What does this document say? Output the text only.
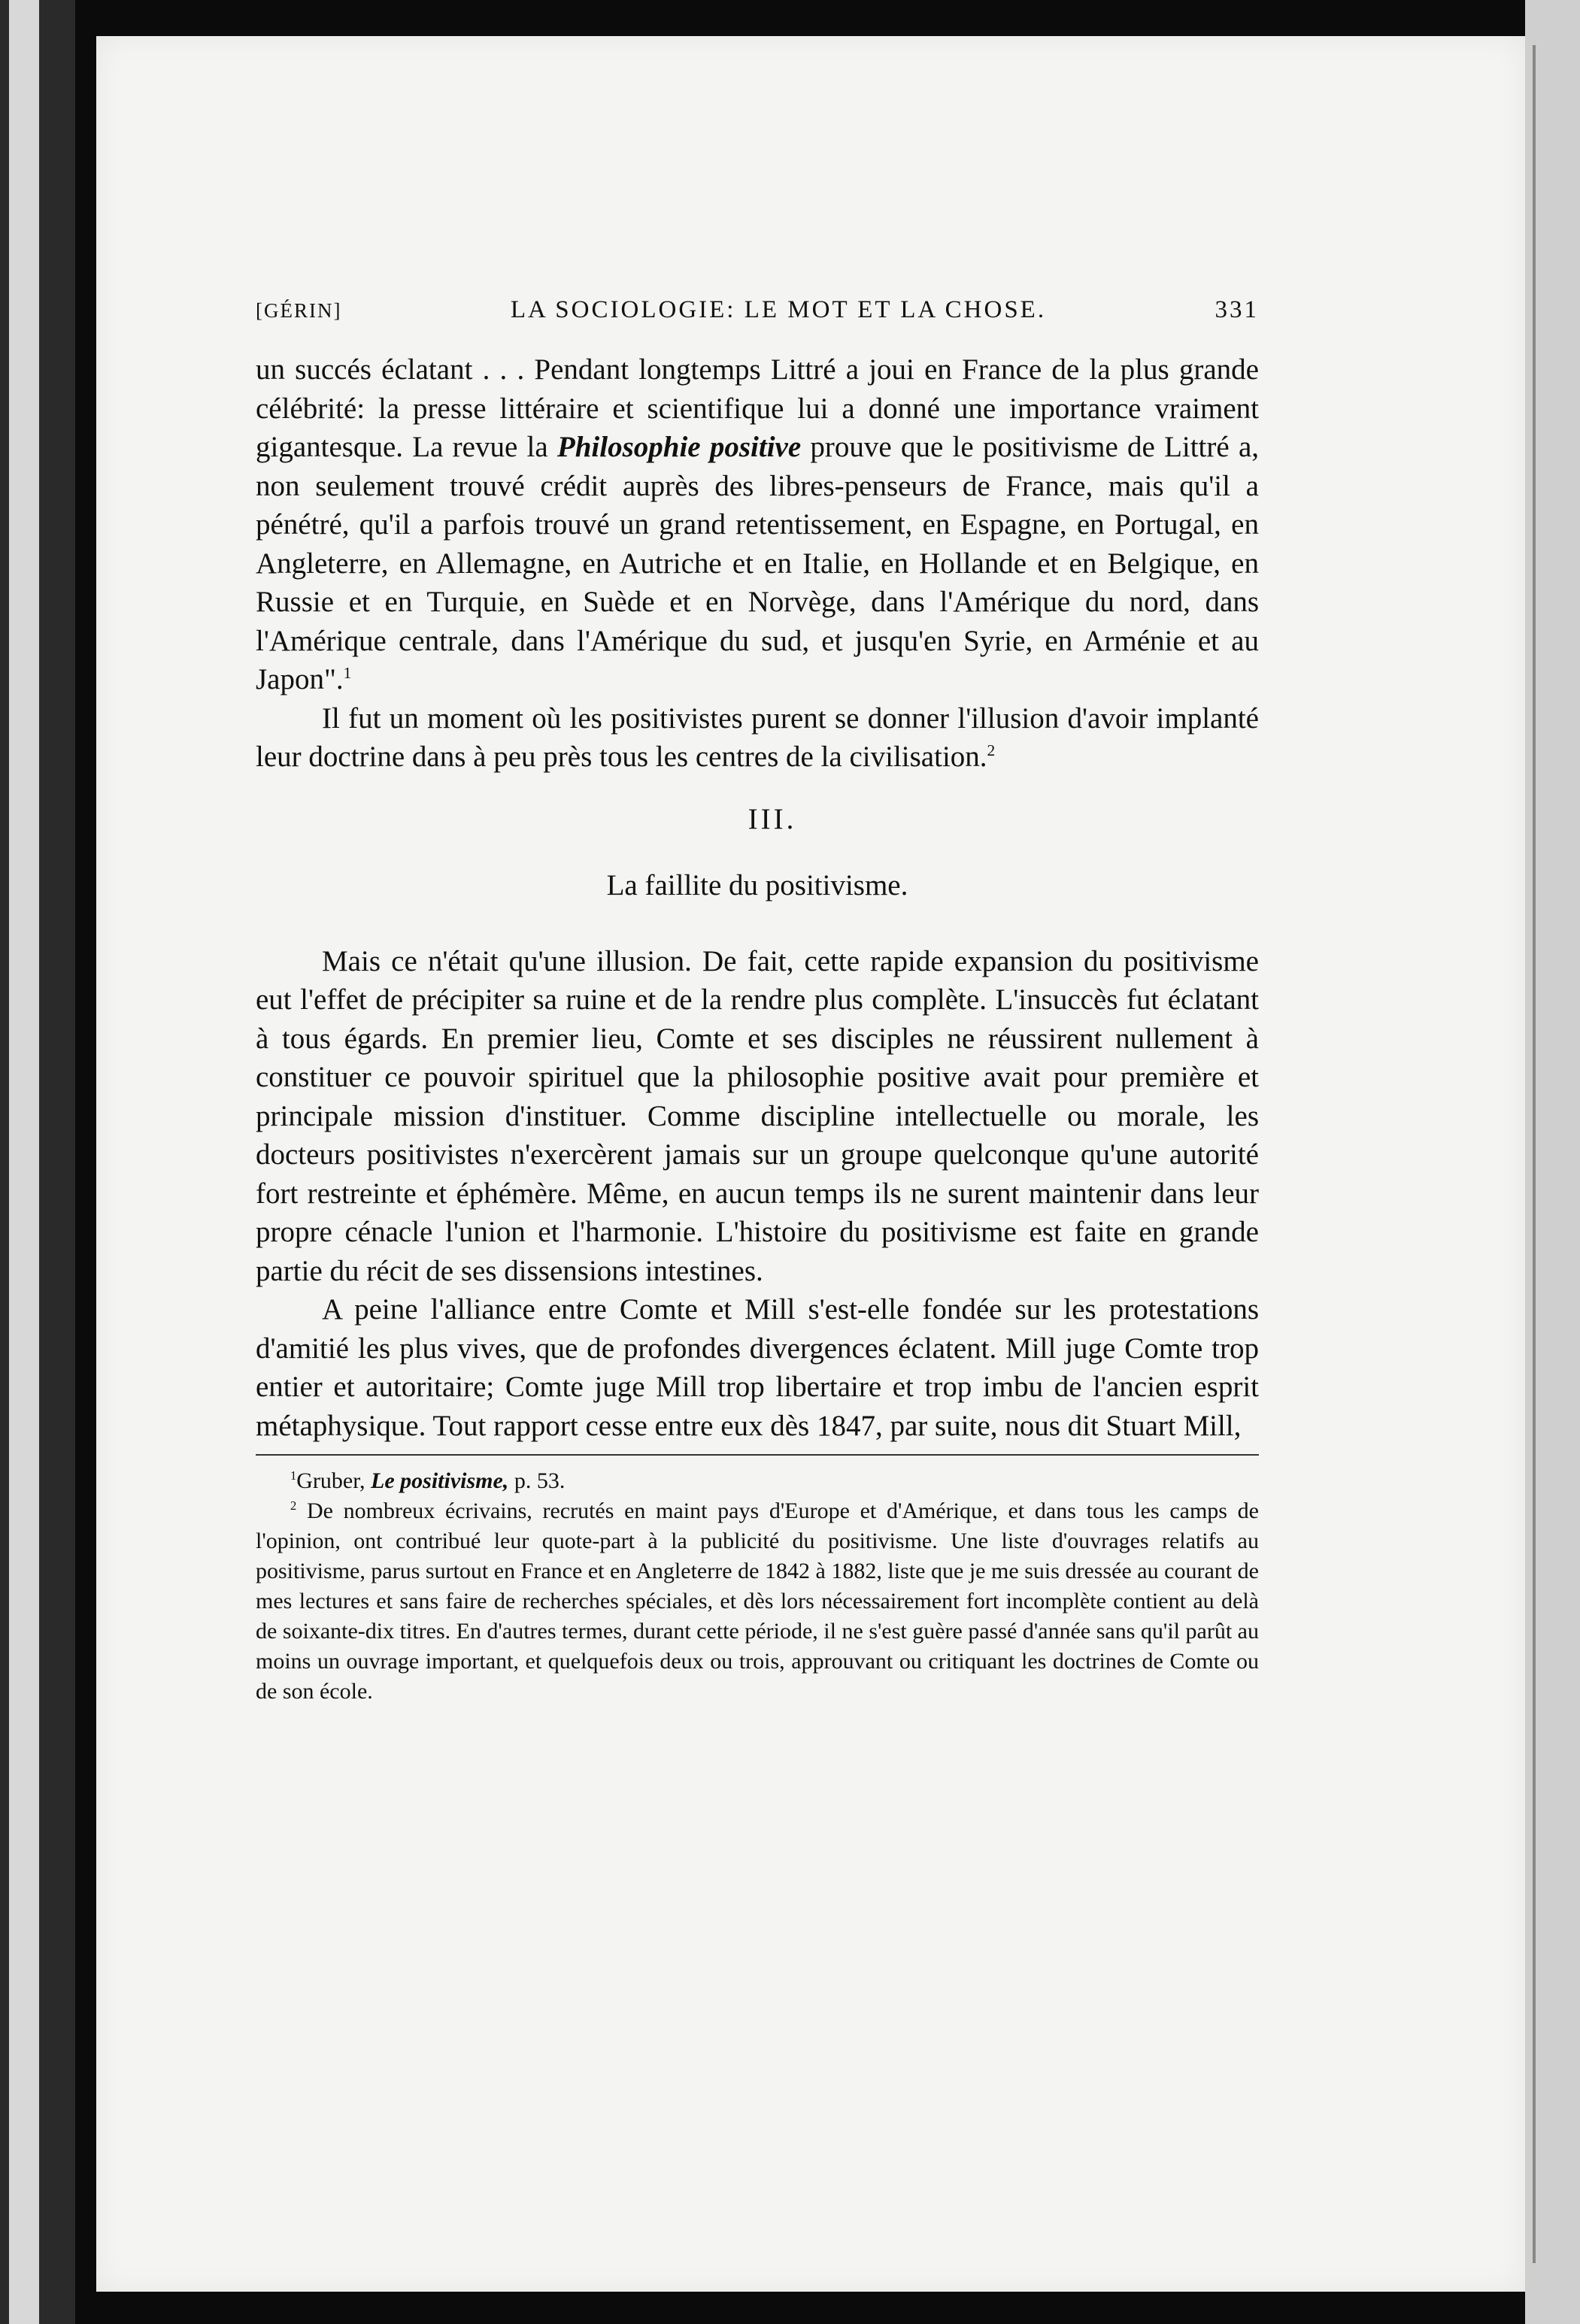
[GÉRIN]	LA SOCIOLOGIE: LE MOT ET LA CHOSE.	331

un succés éclatant . . . Pendant longtemps Littré a joui en France de la plus grande célébrité: la presse littéraire et scientifique lui a donné une importance vraiment gigantesque. La revue la Philosophie positive prouve que le positivisme de Littré a, non seulement trouvé crédit auprès des libres-penseurs de France, mais qu'il a pénétré, qu'il a parfois trouvé un grand retentissement, en Espagne, en Portugal, en Angleterre, en Allemagne, en Autriche et en Italie, en Hollande et en Belgique, en Russie et en Turquie, en Suède et en Norvège, dans l'Amérique du nord, dans l'Amérique centrale, dans l'Amérique du sud, et jusqu'en Syrie, en Arménie et au Japon".$^1$

Il fut un moment où les positivistes purent se donner l'illusion d'avoir implanté leur doctrine dans à peu près tous les centres de la civilisation.$^2$

III.
La faillite du positivisme.

Mais ce n'était qu'une illusion. De fait, cette rapide expansion du positivisme eut l'effet de précipiter sa ruine et de la rendre plus complète. L'insuccès fut éclatant à tous égards. En premier lieu, Comte et ses disciples ne réussirent nullement à constituer ce pouvoir spirituel que la philosophie positive avait pour première et principale mission d'instituer. Comme discipline intellectuelle ou morale, les docteurs positivistes n'exercèrent jamais sur un groupe quelconque qu'une autorité fort restreinte et éphémère. Même, en aucun temps ils ne surent maintenir dans leur propre cénacle l'union et l'harmonie. L'histoire du positivisme est faite en grande partie du récit de ses dissensions intestines.

A peine l'alliance entre Comte et Mill s'est-elle fondée sur les protestations d'amitié les plus vives, que de profondes divergences éclatent. Mill juge Comte trop entier et autoritaire; Comte juge Mill trop libertaire et trop imbu de l'ancien esprit métaphysique. Tout rapport cesse entre eux dès 1847, par suite, nous dit Stuart Mill,

$^1$Gruber, Le positivisme, p. 53.

$^2$ De nombreux écrivains, recrutés en maint pays d'Europe et d'Amérique, et dans tous les camps de l'opinion, ont contribué leur quote-part à la publicité du positivisme. Une liste d'ouvrages relatifs au positivisme, parus surtout en France et en Angleterre de 1842 à 1882, liste que je me suis dressée au courant de mes lectures et sans faire de recherches spéciales, et dès lors nécessairement fort incomplète contient au delà de soixante-dix titres. En d'autres termes, durant cette période, il ne s'est guère passé d'année sans qu'il parût au moins un ouvrage important, et quelquefois deux ou trois, approuvant ou critiquant les doctrines de Comte ou de son école.
